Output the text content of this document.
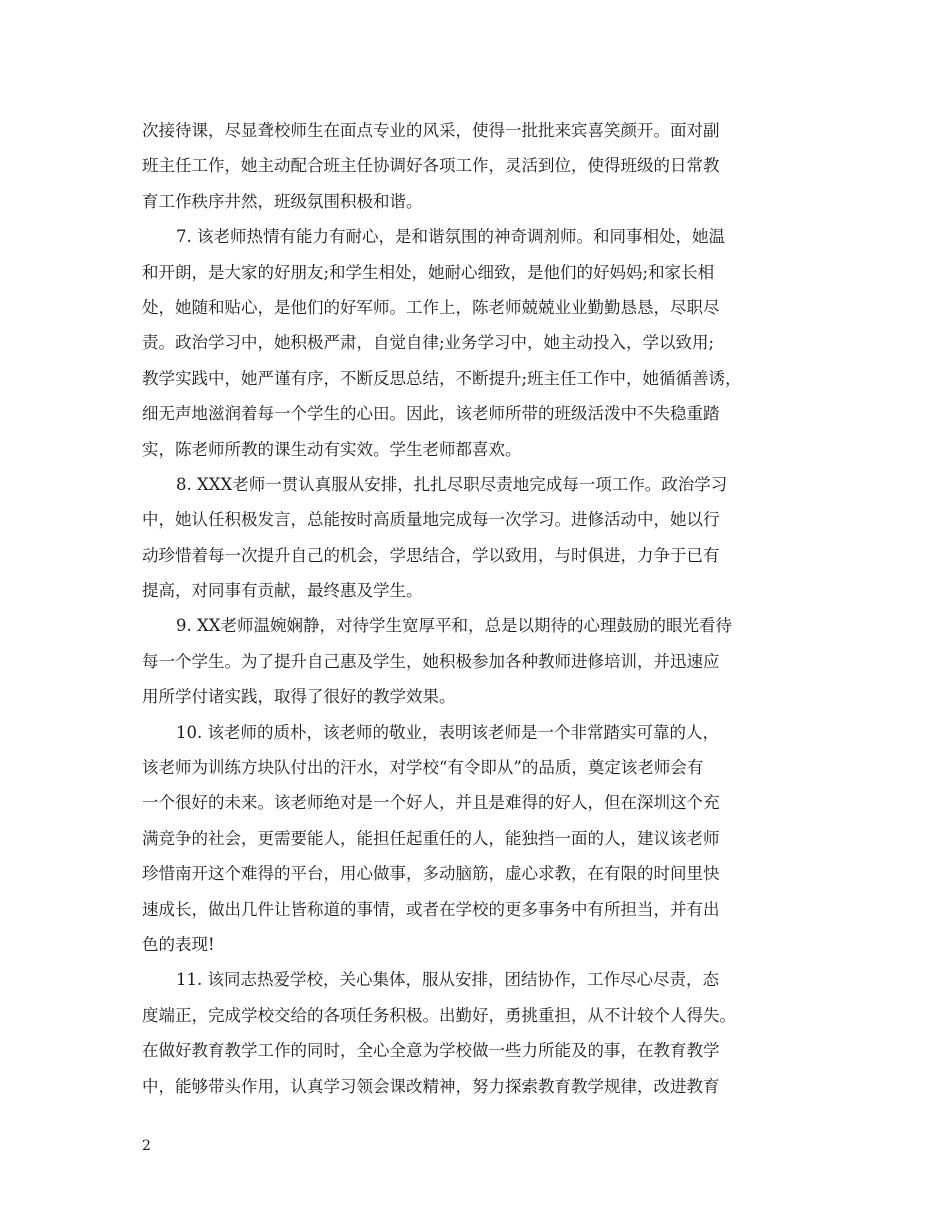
次接待课，尽显聋校师生在面点专业的风采，使得一批批来宾喜笑颜开。面对副
班主任工作，她主动配合班主任协调好各项工作，灵活到位，使得班级的日常教
育工作秩序井然，班级氛围积极和谐。
7. 该老师热情有能力有耐心，是和谐氛围的神奇调剂师。和同事相处，她温
和开朗，是大家的好朋友;和学生相处，她耐心细致，是他们的好妈妈;和家长相
处，她随和贴心，是他们的好军师。工作上，陈老师兢兢业业勤勤恳恳，尽职尽
责。政治学习中，她积极严肃，自觉自律;业务学习中，她主动投入，学以致用;
教学实践中，她严谨有序，不断反思总结，不断提升;班主任工作中，她循循善诱，
细无声地滋润着每一个学生的心田。因此，该老师所带的班级活泼中不失稳重踏
实，陈老师所教的课生动有实效。学生老师都喜欢。
8. XXX老师一贯认真服从安排，扎扎尽职尽责地完成每一项工作。政治学习
中，她认任积极发言，总能按时高质量地完成每一次学习。进修活动中，她以行
动珍惜着每一次提升自己的机会，学思结合，学以致用，与时俱进，力争于已有
提高，对同事有贡献，最终惠及学生。
9. XX老师温婉娴静，对待学生宽厚平和，总是以期待的心理鼓励的眼光看待
每一个学生。为了提升自己惠及学生，她积极参加各种教师进修培训，并迅速应
用所学付诸实践，取得了很好的教学效果。
10. 该老师的质朴，该老师的敬业，表明该老师是一个非常踏实可靠的人，
该老师为训练方块队付出的汗水，对学校“有令即从”的品质，奠定该老师会有
一个很好的未来。该老师绝对是一个好人，并且是难得的好人，但在深圳这个充
满竞争的社会，更需要能人，能担任起重任的人，能独挡一面的人，建议该老师
珍惜南开这个难得的平台，用心做事，多动脑筋，虚心求教，在有限的时间里快
速成长，做出几件让皆称道的事情，或者在学校的更多事务中有所担当，并有出
色的表现!
11. 该同志热爱学校，关心集体，服从安排，团结协作，工作尽心尽责，态
度端正，完成学校交给的各项任务积极。出勤好，勇挑重担，从不计较个人得失。
在做好教育教学工作的同时，全心全意为学校做一些力所能及的事，在教育教学
中，能够带头作用，认真学习领会课改精神，努力探索教育教学规律，改进教育
2
